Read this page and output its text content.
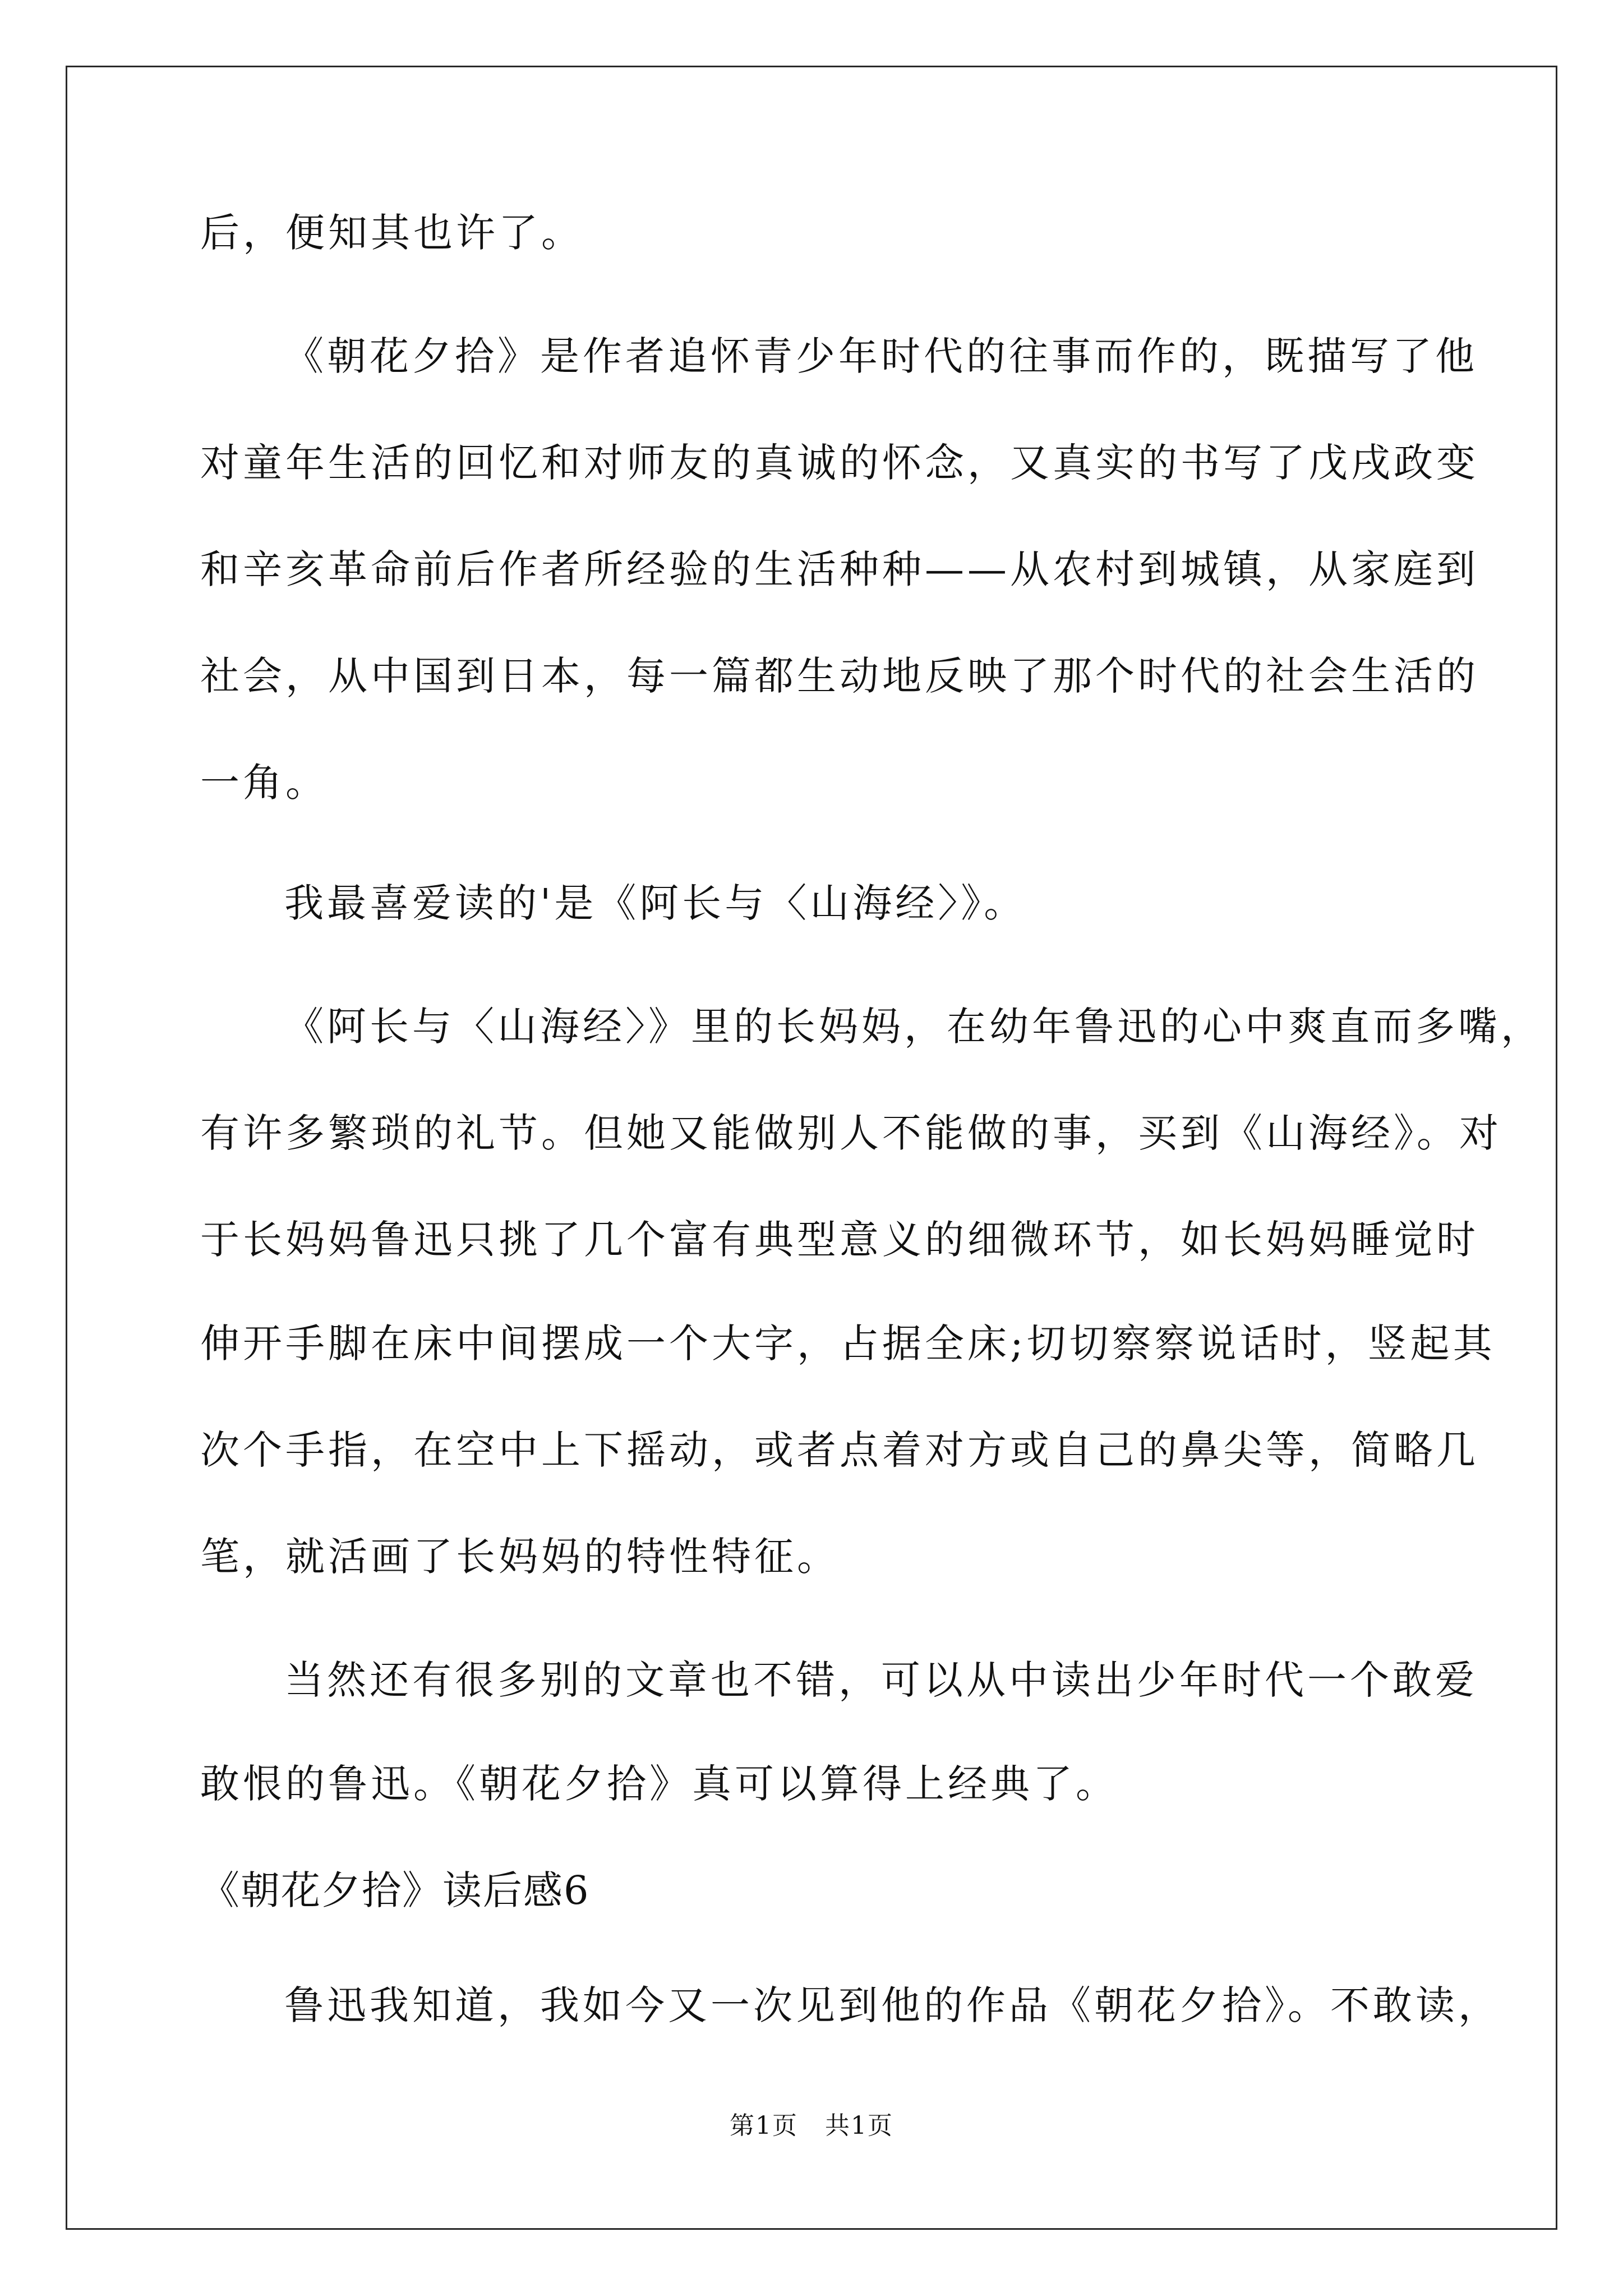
后，便知其也许了。
《朝花夕拾》是作者追怀青少年时代的往事而作的，既描写了他
对童年生活的回忆和对师友的真诚的怀念，又真实的书写了戊戌政变
和辛亥革命前后作者所经验的生活种种——从农村到城镇，从家庭到
社会，从中国到日本，每一篇都生动地反映了那个时代的社会生活的
一角。
我最喜爱读的'是《阿长与〈山海经〉》。
《阿长与〈山海经〉》里的长妈妈，在幼年鲁迅的心中爽直而多嘴，
有许多繁琐的礼节。但她又能做别人不能做的事，买到《山海经》。对
于长妈妈鲁迅只挑了几个富有典型意义的细微环节，如长妈妈睡觉时
伸开手脚在床中间摆成一个大字，占据全床;切切察察说话时，竖起其
次个手指，在空中上下摇动，或者点着对方或自己的鼻尖等，简略几
笔，就活画了长妈妈的特性特征。
当然还有很多别的文章也不错，可以从中读出少年时代一个敢爱
敢恨的鲁迅。《朝花夕拾》真可以算得上经典了。
《朝花夕拾》读后感6
鲁迅我知道，我如今又一次见到他的作品《朝花夕拾》。不敢读，
第1页   共1页
